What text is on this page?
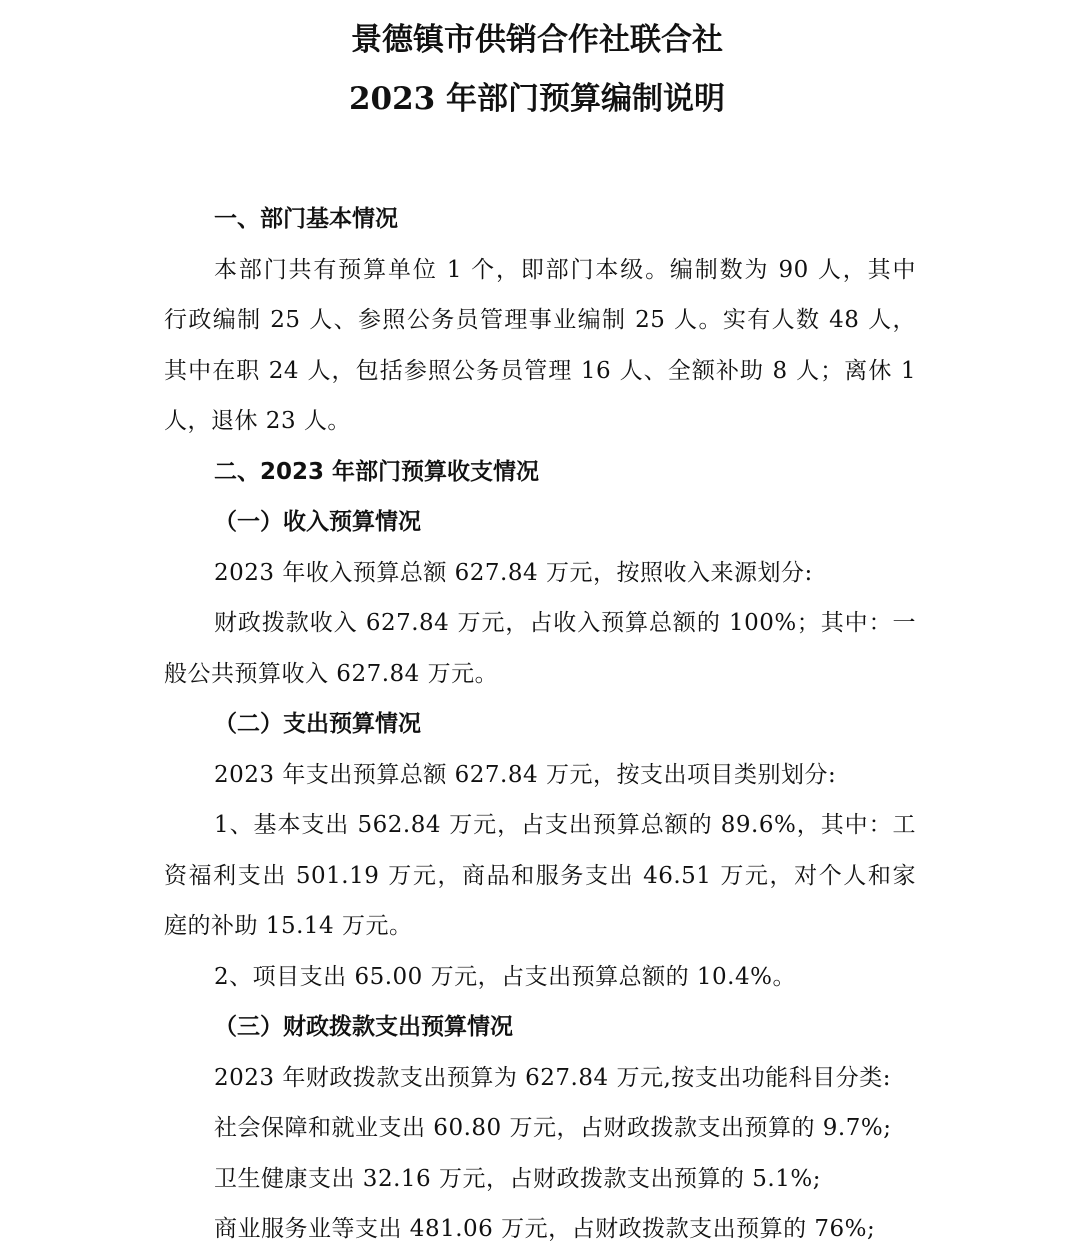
景德镇市供销合作社联合社
2023 年部门预算编制说明

一、部门基本情况

本部门共有预算单位 1 个，即部门本级。编制数为 90 人，其中

行政编制 25 人、参照公务员管理事业编制 25 人。实有人数 48 人，

其中在职 24 人，包括参照公务员管理 16 人、全额补助 8 人；离休 1

人，退休 23 人。

二、2023 年部门预算收支情况

（一）收入预算情况

2023 年收入预算总额 627.84 万元，按照收入来源划分:

财政拨款收入 627.84 万元，占收入预算总额的 100%；其中：一

般公共预算收入 627.84 万元。

（二）支出预算情况

2023 年支出预算总额 627.84 万元，按支出项目类别划分:

1、基本支出 562.84 万元，占支出预算总额的 89.6%，其中：工

资福利支出 501.19 万元，商品和服务支出 46.51 万元，对个人和家

庭的补助 15.14 万元。

2、项目支出 65.00 万元，占支出预算总额的 10.4%。

（三）财政拨款支出预算情况

2023 年财政拨款支出预算为 627.84 万元,按支出功能科目分类:

社会保障和就业支出 60.80 万元，占财政拨款支出预算的 9.7%;

卫生健康支出 32.16 万元，占财政拨款支出预算的 5.1%;

商业服务业等支出 481.06 万元，占财政拨款支出预算的 76%;
